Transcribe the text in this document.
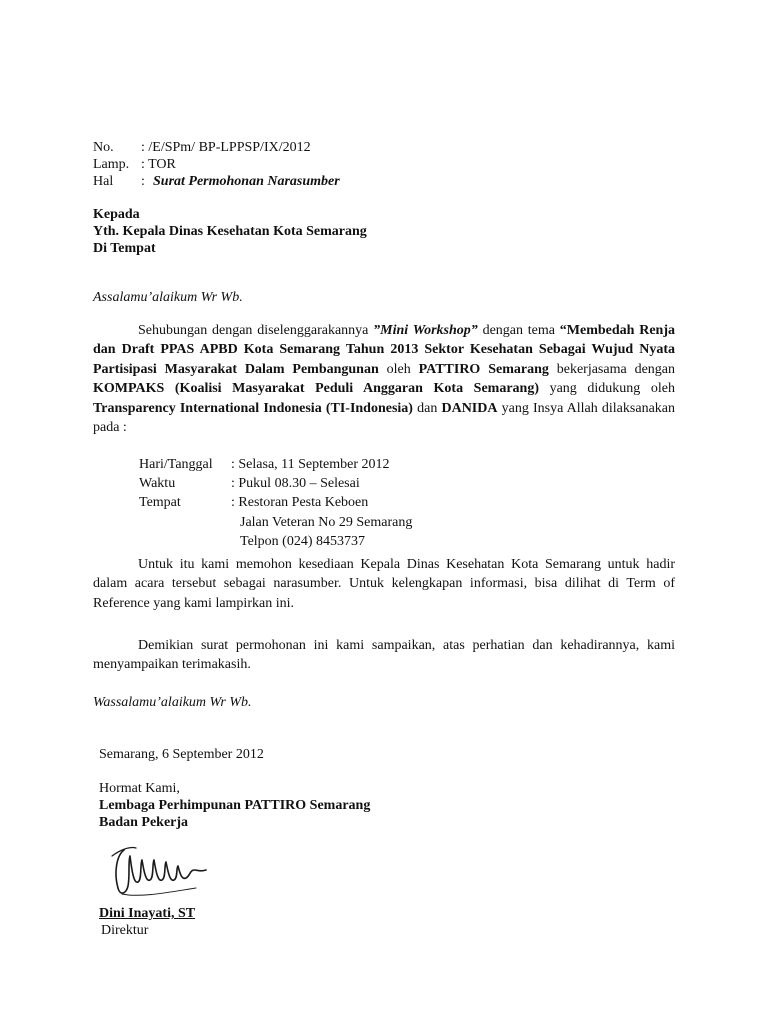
No. : /E/SPm/ BP-LPPSP/IX/2012
Lamp. : TOR
Hal : Surat Permohonan Narasumber
Kepada
Yth. Kepala Dinas Kesehatan Kota Semarang
Di Tempat
Assalamu’alaikum Wr Wb.
Sehubungan dengan diselenggarakannya ”Mini Workshop” dengan tema “Membedah Renja dan Draft PPAS APBD Kota Semarang Tahun 2013 Sektor Kesehatan Sebagai Wujud Nyata Partisipasi Masyarakat Dalam Pembangunan oleh PATTIRO Semarang bekerjasama dengan KOMPAKS (Koalisi Masyarakat Peduli Anggaran Kota Semarang) yang didukung oleh Transparency International Indonesia (TI-Indonesia) dan DANIDA yang Insya Allah dilaksanakan pada :
Hari/Tanggal : Selasa, 11 September 2012
Waktu	: Pukul 08.30 – Selesai
Tempat	: Restoran Pesta Keboen
Jalan Veteran No 29 Semarang
Telpon (024) 8453737
Untuk itu kami memohon kesediaan Kepala Dinas Kesehatan Kota Semarang untuk hadir dalam acara tersebut sebagai narasumber. Untuk kelengkapan informasi, bisa dilihat di Term of Reference yang kami lampirkan ini.
Demikian surat permohonan ini kami sampaikan, atas perhatian dan kehadirannya, kami menyampaikan terimakasih.
Wassalamu’alaikum Wr Wb.
Semarang, 6 September 2012
Hormat Kami,
Lembaga Perhimpunan PATTIRO Semarang
Badan Pekerja
Dini Inayati, ST
Direktur
